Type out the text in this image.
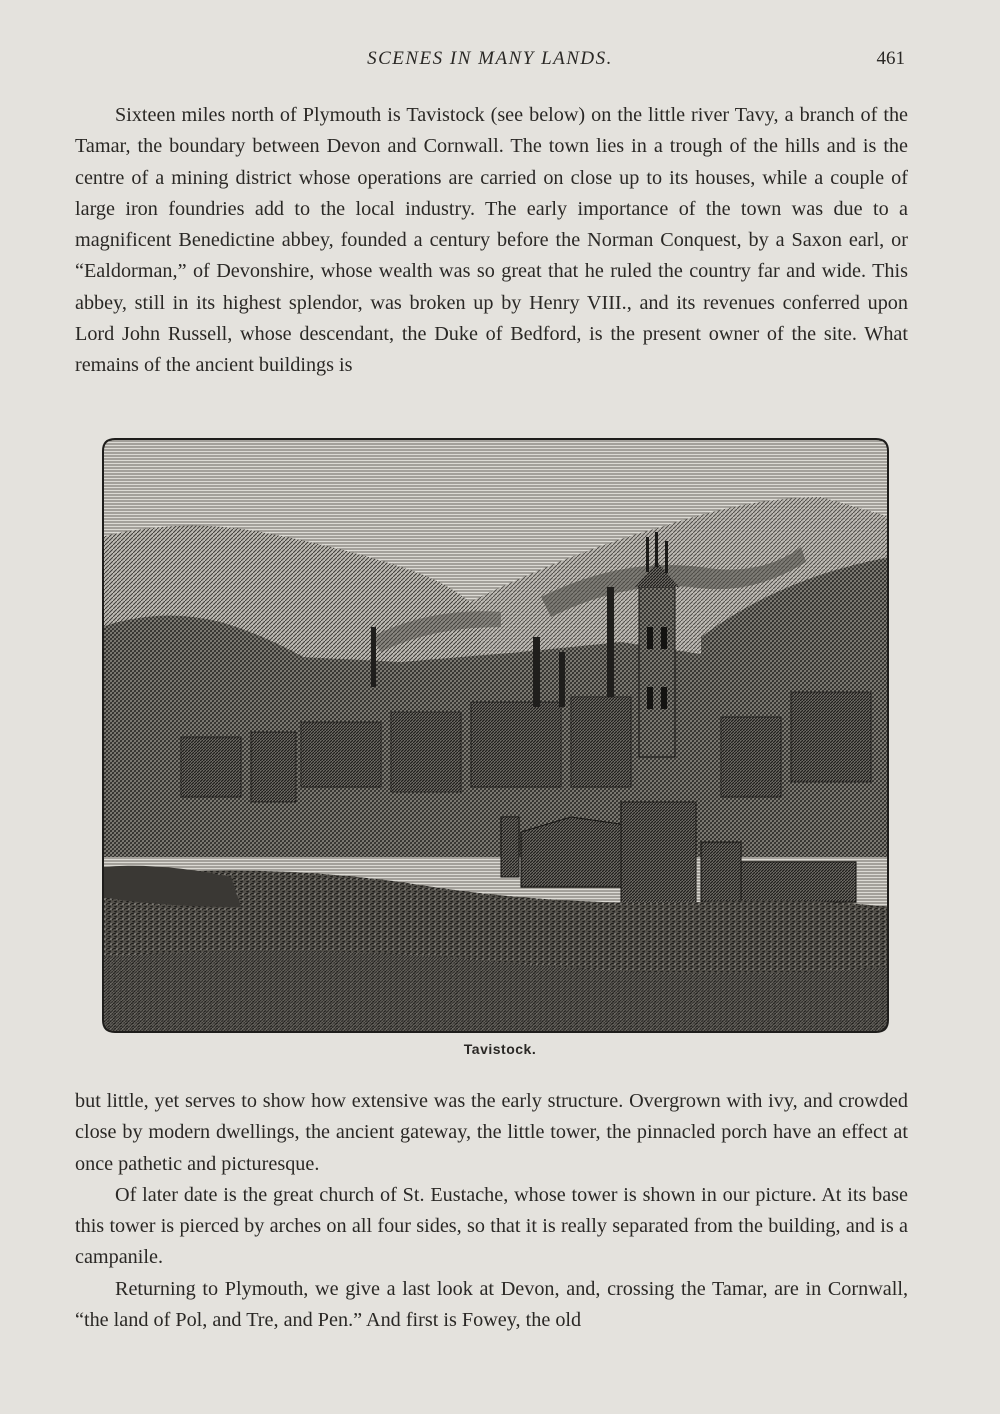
SCENES IN MANY LANDS.	461

Sixteen miles north of Plymouth is Tavistock (see below) on the little river Tavy, a branch of the Tamar, the boundary between Devon and Cornwall. The town lies in a trough of the hills and is the centre of a mining district whose operations are carried on close up to its houses, while a couple of large iron foundries add to the local industry. The early importance of the town was due to a magnificent Benedictine abbey, founded a century before the Norman Conquest, by a Saxon earl, or “Ealdorman,” of Devonshire, whose wealth was so great that he ruled the country far and wide. This abbey, still in its highest splendor, was broken up by Henry VIII., and its revenues conferred upon Lord John Russell, whose descendant, the Duke of Bedford, is the present owner of the site. What remains of the ancient buildings is

Tavistock.

but little, yet serves to show how extensive was the early structure. Overgrown with ivy, and crowded close by modern dwellings, the ancient gateway, the little tower, the pinnacled porch have an effect at once pathetic and picturesque.

Of later date is the great church of St. Eustache, whose tower is shown in our picture. At its base this tower is pierced by arches on all four sides, so that it is really separated from the building, and is a campanile.

Returning to Plymouth, we give a last look at Devon, and, crossing the Tamar, are in Cornwall, “the land of Pol, and Tre, and Pen.” And first is Fowey, the old
